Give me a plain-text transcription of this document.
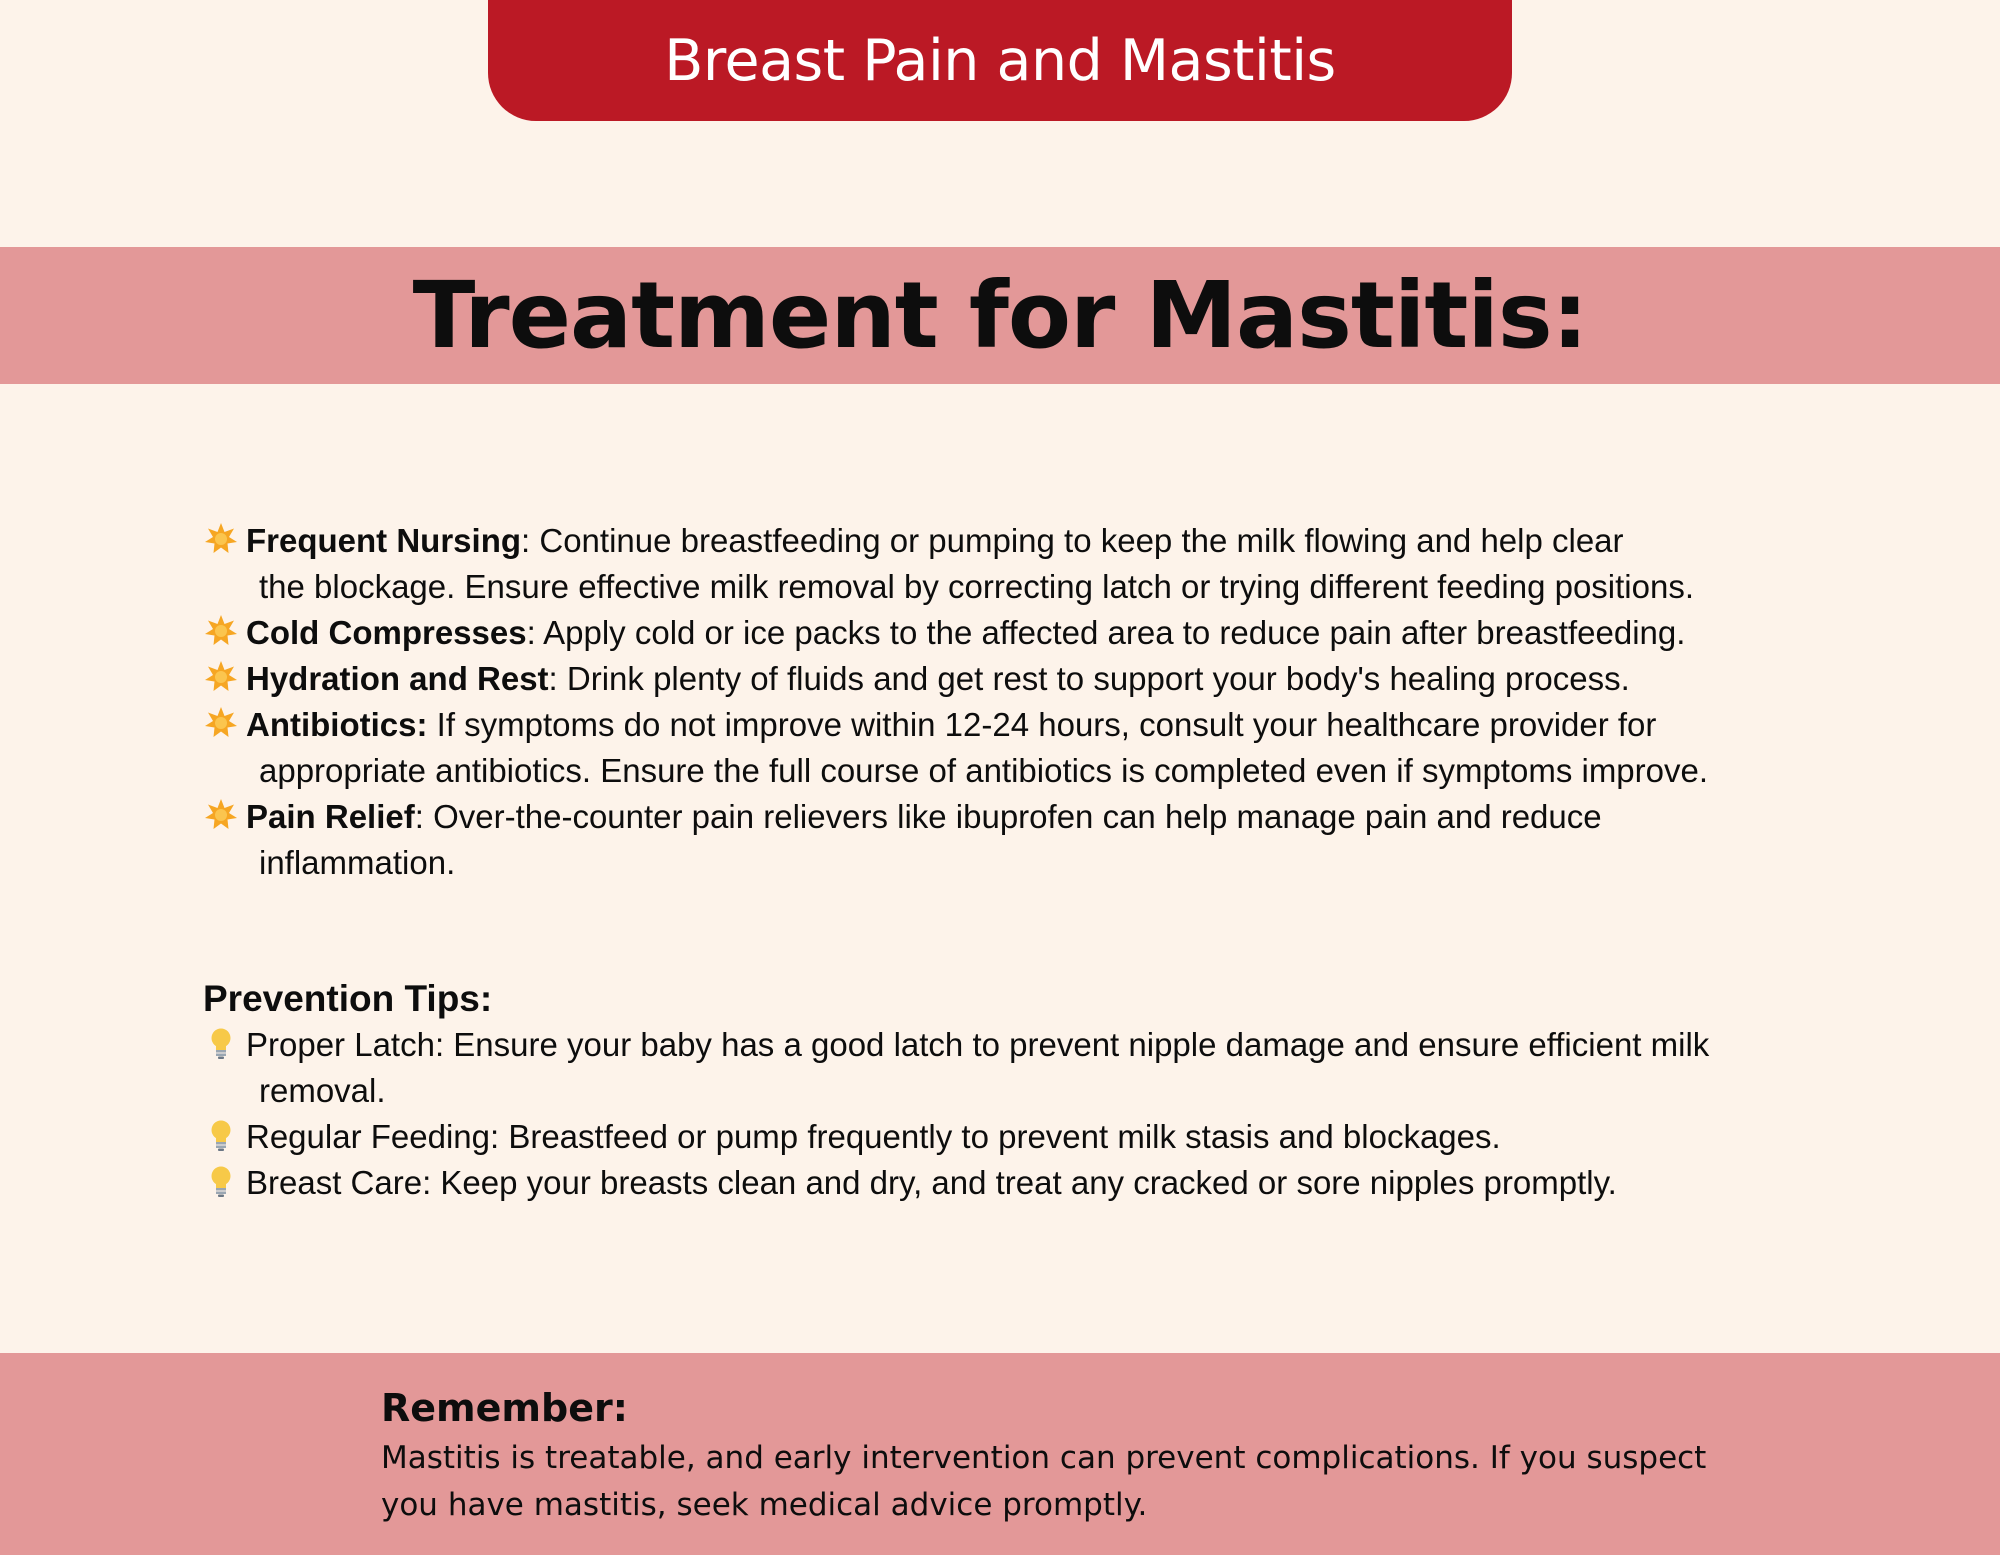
Breast Pain and Mastitis
Treatment for Mastitis:
Frequent Nursing: Continue breastfeeding or pumping to keep the milk flowing and help clear
the blockage. Ensure effective milk removal by correcting latch or trying different feeding positions.
Cold Compresses: Apply cold or ice packs to the affected area to reduce pain after breastfeeding.
Hydration and Rest: Drink plenty of fluids and get rest to support your body's healing process.
Antibiotics: If symptoms do not improve within 12-24 hours, consult your healthcare provider for
appropriate antibiotics. Ensure the full course of antibiotics is completed even if symptoms improve.
Pain Relief: Over-the-counter pain relievers like ibuprofen can help manage pain and reduce
inflammation.
Prevention Tips:
Proper Latch: Ensure your baby has a good latch to prevent nipple damage and ensure efficient milk
removal.
Regular Feeding: Breastfeed or pump frequently to prevent milk stasis and blockages.
Breast Care: Keep your breasts clean and dry, and treat any cracked or sore nipples promptly.
Remember:
Mastitis is treatable, and early intervention can prevent complications. If you suspect
you have mastitis, seek medical advice promptly.
